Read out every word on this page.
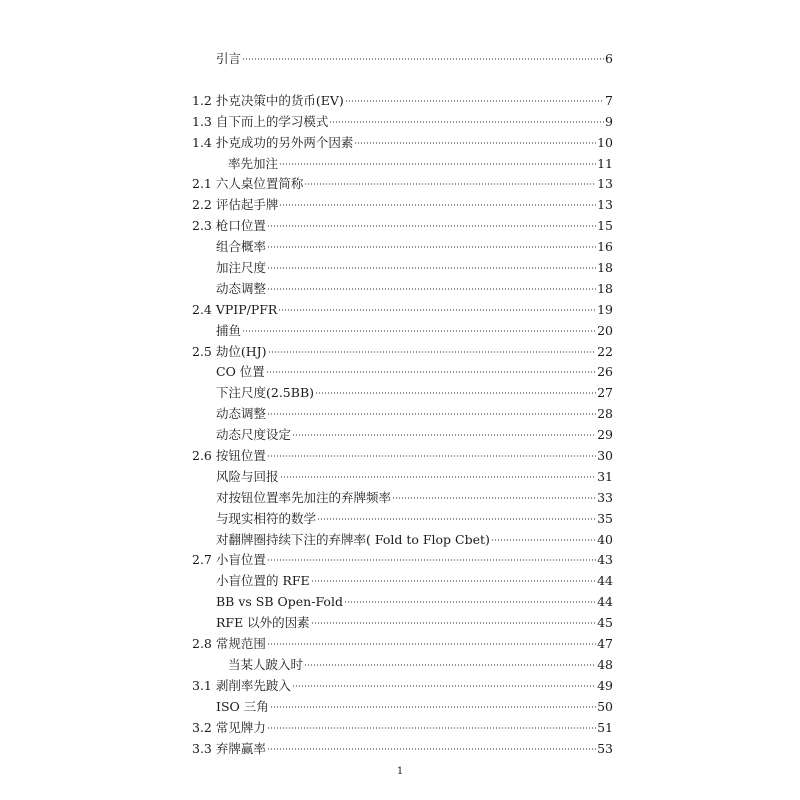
引言	6
1.2 扑克决策中的货币(EV)	7
1.3 自下而上的学习模式	9
1.4 扑克成功的另外两个因素	10
率先加注	11
2.1 六人桌位置简称	13
2.2 评估起手牌	13
2.3 枪口位置	15
组合概率	16
加注尺度	18
动态调整	18
2.4 VPIP/PFR	19
捕鱼	20
2.5 劫位(HJ)	22
CO 位置	26
下注尺度(2.5BB)	27
动态调整	28
动态尺度设定	29
2.6 按钮位置	30
风险与回报	31
对按钮位置率先加注的弃牌频率	33
与现实相符的数学	35
对翻牌圈持续下注的弃牌率( Fold to Flop Cbet)	40
2.7 小盲位置	43
小盲位置的 RFE	44
BB vs SB Open-Fold	44
RFE 以外的因素	45
2.8 常规范围	47
当某人跛入时	48
3.1 剥削率先跛入	49
ISO 三角	50
3.2 常见牌力	51
3.3 弃牌赢率	53
1
